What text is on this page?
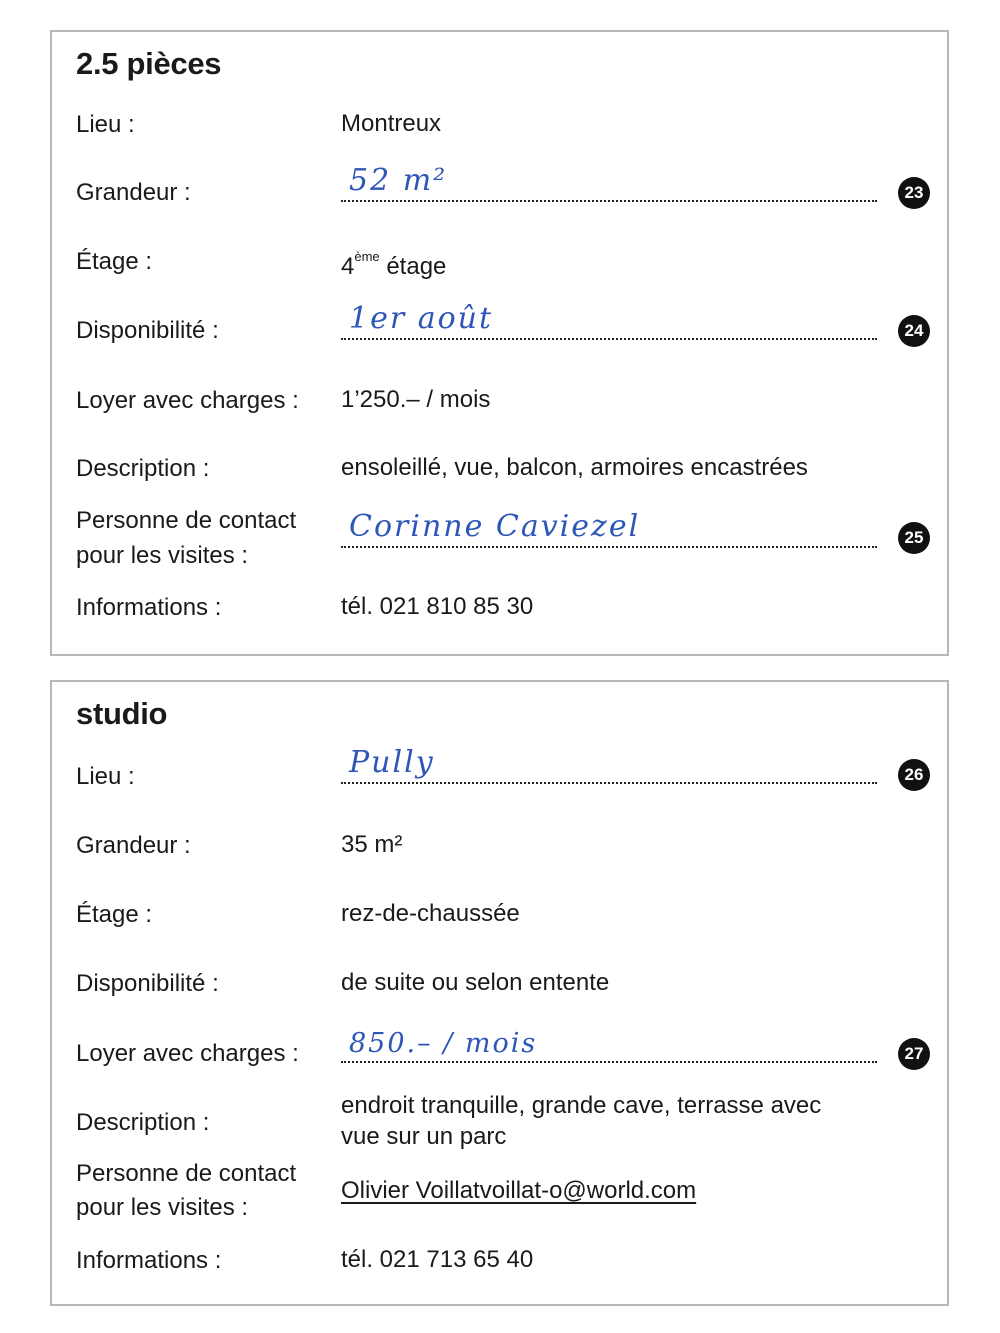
2.5 pièces
Lieu :	Montreux
Grandeur :	52 m²	23
Étage :	4ème étage
Disponibilité :	1er août	24
Loyer avec charges : 1’250.– / mois
Description :	ensoleillé, vue, balcon, armoires encastrées
Personne de contact
pour les visites :
Corinne Caviezel	25
Informations :	tél. 021 810 85 30
studio
Lieu :	Pully	26
Grandeur :	35 m²
Étage :	rez-de-chaussée
Disponibilité :	de suite ou selon entente
Loyer avec charges : 850.– / mois	27
Description :
endroit tranquille, grande cave, terrasse avec
vue sur un parc
Personne de contact
pour les visites :
Olivier Voillatvoillat-o@world.com
Informations :	tél. 021 713 65 40
